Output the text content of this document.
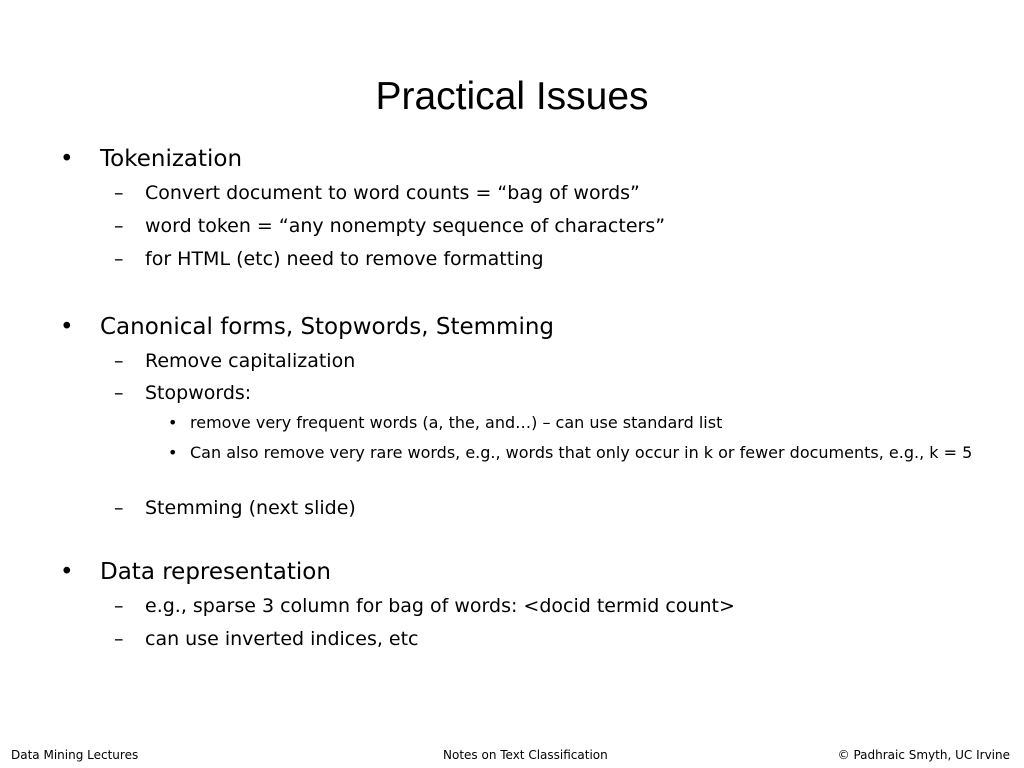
Practical Issues
• Tokenization
– Convert document to word counts = “bag of words”
– word token = “any nonempty sequence of characters”
– for HTML (etc) need to remove formatting
• Canonical forms, Stopwords, Stemming
– Remove capitalization
– Stopwords:
• remove very frequent words (a, the, and…) – can use standard list
• Can also remove very rare words, e.g., words that only occur in k or fewer documents, e.g., k = 5
– Stemming (next slide)
• Data representation
– e.g., sparse 3 column for bag of words: <docid termid count>
– can use inverted indices, etc
Data Mining Lectures	Notes on Text Classification	© Padhraic Smyth, UC Irvine
